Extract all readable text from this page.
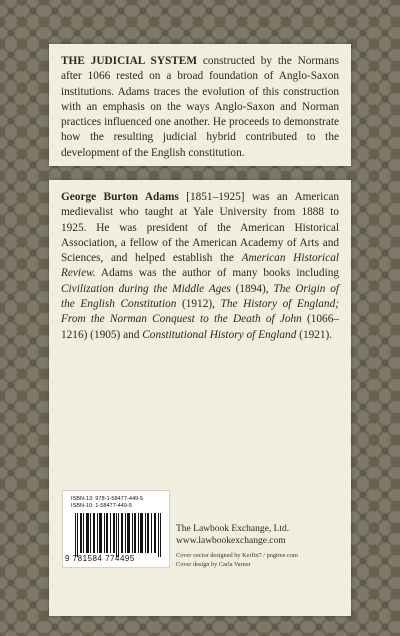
THE JUDICIAL SYSTEM constructed by the Normans after 1066 rested on a broad foundation of Anglo-Saxon institutions. Adams traces the evolution of this construction with an emphasis on the ways Anglo-Saxon and Norman practices influenced one another. He proceeds to demonstrate how the resulting judicial hybrid contributed to the development of the English constitution.

George Burton Adams [1851–1925] was an American medievalist who taught at Yale University from 1888 to 1925. He was president of the American Historical Association, a fellow of the American Academy of Arts and Sciences, and helped establish the American Historical Review. Adams was the author of many books including Civilization during the Middle Ages (1894), The Origin of the English Constitution (1912), The History of England; From the Norman Conquest to the Death of John (1066–1216) (1905) and Constitutional History of England (1921).

ISBN-13: 978-1-58477-449-5
ISBN-10: 1-58477-449-5
9 781584 774495
The Lawbook Exchange, Ltd.
www.lawbookexchange.com
Cover vector designed by Kerfin7 / pngtree.com
Cover design by Carla Varner
